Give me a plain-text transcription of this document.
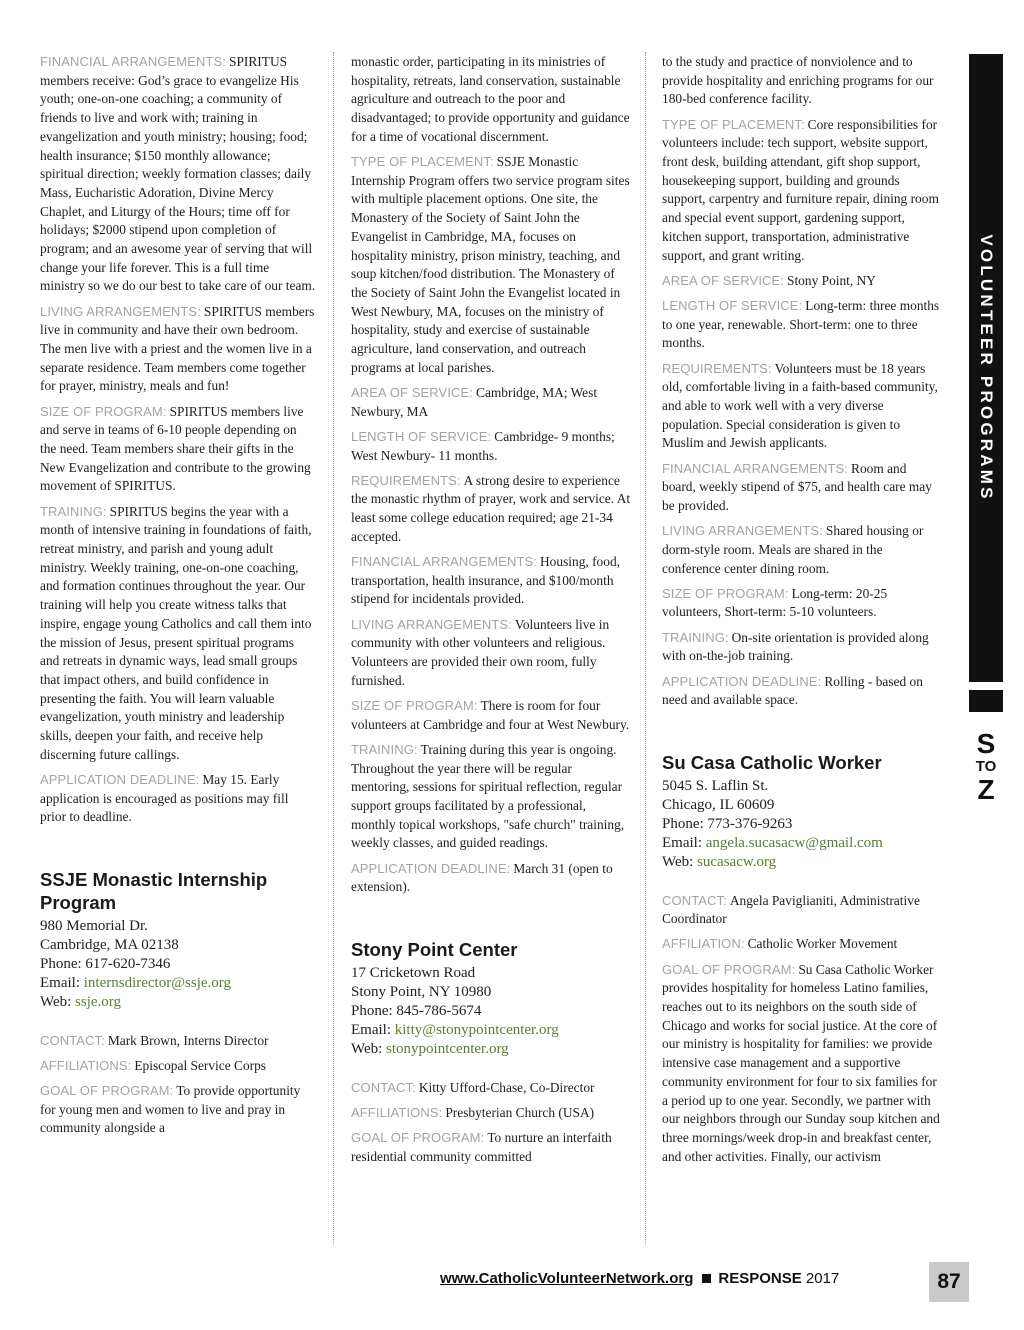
FINANCIAL ARRANGEMENTS: SPIRITUS members receive: God’s grace to evangelize His youth; one-on-one coaching; a community of friends to live and work with; training in evangelization and youth ministry; housing; food; health insurance; $150 monthly allowance; spiritual direction; weekly formation classes; daily Mass, Eucharistic Adoration, Divine Mercy Chaplet, and Liturgy of the Hours; time off for holidays; $2000 stipend upon completion of program; and an awesome year of serving that will change your life forever. This is a full time ministry so we do our best to take care of our team.

LIVING ARRANGEMENTS: SPIRITUS members live in community and have their own bedroom. The men live with a priest and the women live in a separate residence. Team members come together for prayer, ministry, meals and fun!

SIZE OF PROGRAM: SPIRITUS members live and serve in teams of 6-10 people depending on the need. Team members share their gifts in the New Evangelization and contribute to the growing movement of SPIRITUS.

TRAINING: SPIRITUS begins the year with a month of intensive training in foundations of faith, retreat ministry, and parish and young adult ministry. Weekly training, one-on-one coaching, and formation continues throughout the year. Our training will help you create witness talks that inspire, engage young Catholics and call them into the mission of Jesus, present spiritual programs and retreats in dynamic ways, lead small groups that impact others, and build confidence in presenting the faith. You will learn valuable evangelization, youth ministry and leadership skills, deepen your faith, and receive help discerning future callings.

APPLICATION DEADLINE: May 15. Early application is encouraged as positions may fill prior to deadline.

SSJE Monastic Internship Program
980 Memorial Dr.
Cambridge, MA 02138
Phone: 617-620-7346
Email: internsdirector@ssje.org
Web: ssje.org

CONTACT: Mark Brown, Interns Director

AFFILIATIONS: Episcopal Service Corps

GOAL OF PROGRAM: To provide opportunity for young men and women to live and pray in community alongside a

monastic order, participating in its ministries of hospitality, retreats, land conservation, sustainable agriculture and outreach to the poor and disadvantaged; to provide opportunity and guidance for a time of vocational discernment.

TYPE OF PLACEMENT: SSJE Monastic Internship Program offers two service program sites with multiple placement options. One site, the Monastery of the Society of Saint John the Evangelist in Cambridge, MA, focuses on hospitality ministry, prison ministry, teaching, and soup kitchen/food distribution. The Monastery of the Society of Saint John the Evangelist located in West Newbury, MA, focuses on the ministry of hospitality, study and exercise of sustainable agriculture, land conservation, and outreach programs at local parishes.

AREA OF SERVICE: Cambridge, MA; West Newbury, MA

LENGTH OF SERVICE: Cambridge- 9 months; West Newbury- 11 months.

REQUIREMENTS: A strong desire to experience the monastic rhythm of prayer, work and service. At least some college education required; age 21-34 accepted.

FINANCIAL ARRANGEMENTS: Housing, food, transportation, health insurance, and $100/month stipend for incidentals provided.

LIVING ARRANGEMENTS: Volunteers live in community with other volunteers and religious. Volunteers are provided their own room, fully furnished.

SIZE OF PROGRAM: There is room for four volunteers at Cambridge and four at West Newbury.

TRAINING: Training during this year is ongoing. Throughout the year there will be regular mentoring, sessions for spiritual reflection, regular support groups facilitated by a professional, monthly topical workshops, "safe church" training, weekly classes, and guided readings.

APPLICATION DEADLINE: March 31 (open to extension).

Stony Point Center
17 Cricketown Road
Stony Point, NY 10980
Phone: 845-786-5674
Email: kitty@stonypointcenter.org
Web: stonypointcenter.org

CONTACT: Kitty Ufford-Chase, Co-Director

AFFILIATIONS: Presbyterian Church (USA)

GOAL OF PROGRAM: To nurture an interfaith residential community committed

to the study and practice of nonviolence and to provide hospitality and enriching programs for our 180-bed conference facility.

TYPE OF PLACEMENT: Core responsibilities for volunteers include: tech support, website support, front desk, building attendant, gift shop support, housekeeping support, building and grounds support, carpentry and furniture repair, dining room and special event support, gardening support, kitchen support, transportation, administrative support, and grant writing.

AREA OF SERVICE: Stony Point, NY

LENGTH OF SERVICE: Long-term: three months to one year, renewable. Short-term: one to three months.

REQUIREMENTS: Volunteers must be 18 years old, comfortable living in a faith-based community, and able to work well with a very diverse population. Special consideration is given to Muslim and Jewish applicants.

FINANCIAL ARRANGEMENTS: Room and board, weekly stipend of $75, and health care may be provided.

LIVING ARRANGEMENTS: Shared housing or dorm-style room. Meals are shared in the conference center dining room.

SIZE OF PROGRAM: Long-term: 20-25 volunteers, Short-term: 5-10 volunteers.

TRAINING: On-site orientation is provided along with on-the-job training.

APPLICATION DEADLINE: Rolling - based on need and available space.

Su Casa Catholic Worker
5045 S. Laflin St.
Chicago, IL 60609
Phone: 773-376-9263
Email: angela.sucasacw@gmail.com
Web: sucasacw.org

CONTACT: Angela Paviglianiti, Administrative Coordinator

AFFILIATION: Catholic Worker Movement

GOAL OF PROGRAM: Su Casa Catholic Worker provides hospitality for homeless Latino families, reaches out to its neighbors on the south side of Chicago and works for social justice. At the core of our ministry is hospitality for families: we provide intensive case management and a supportive community environment for four to six families for a period up to one year. Secondly, we partner with our neighbors through our Sunday soup kitchen and three mornings/week drop-in and breakfast center, and other activities. Finally, our activism

VOLUNTEER PROGRAMS
S
TO
Z
www.CatholicVolunteerNetwork.org RESPONSE 2017	87
